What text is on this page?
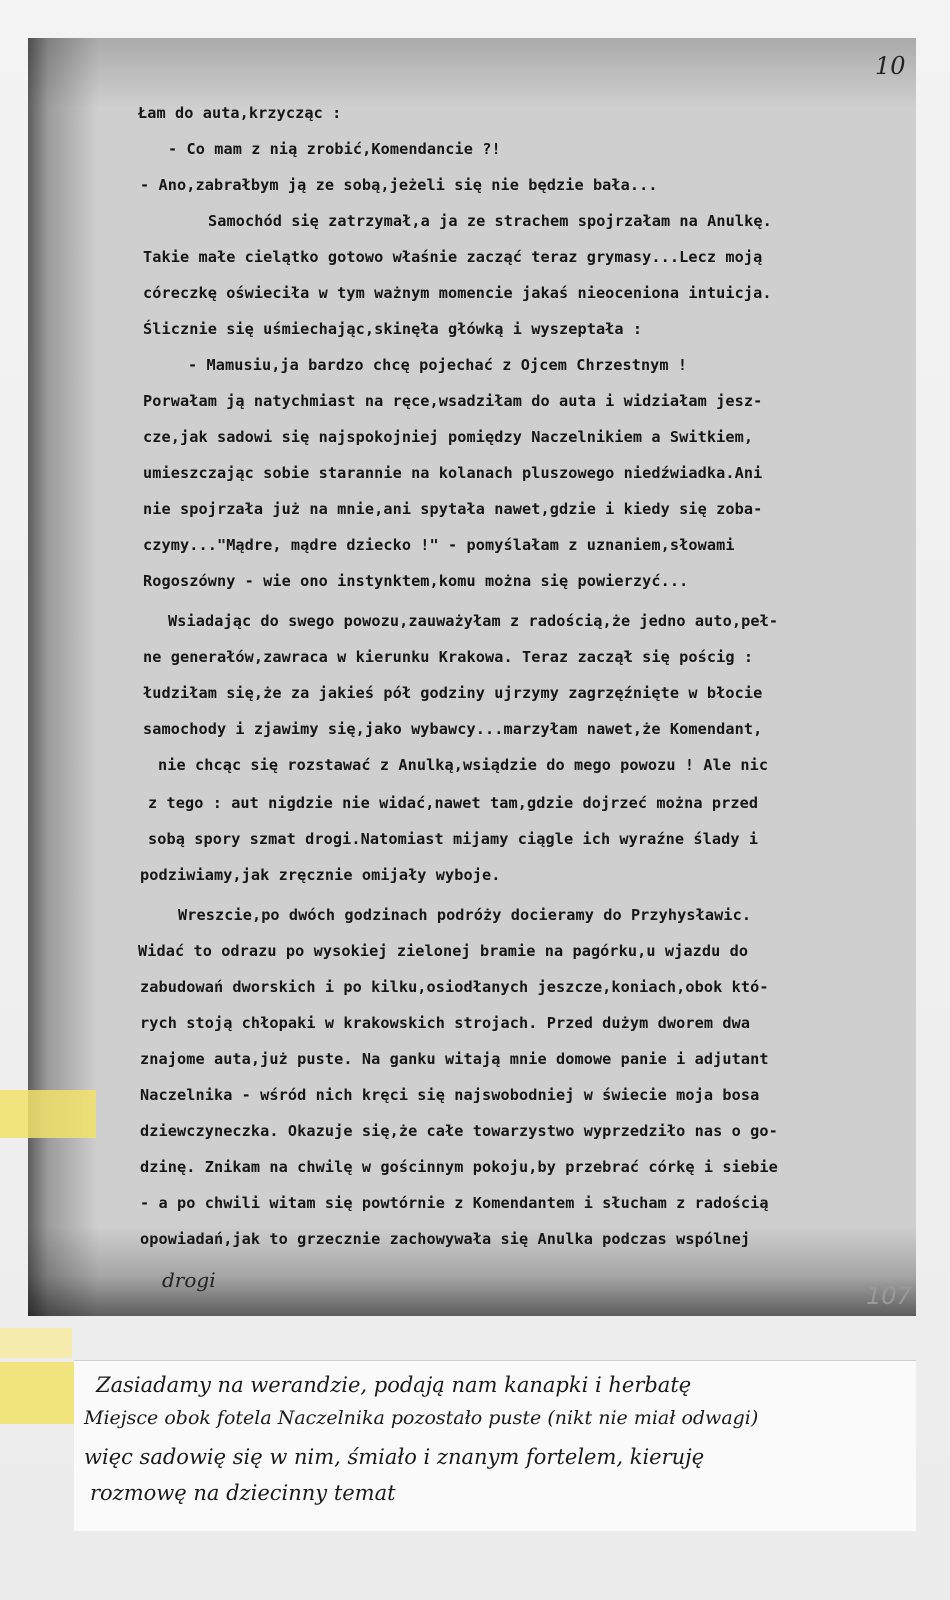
Łam do auta,krzycząc :
- Co mam z nią zrobić,Komendancie ?!
- Ano,zabrałbym ją ze sobą,jeżeli się nie będzie bała...
Samochód się zatrzymał,a ja ze strachem spojrzałam na Anulkę.
Takie małe cielątko gotowo właśnie zacząć teraz grymasy...Lecz moją
córeczkę oświeciła w tym ważnym momencie jakaś nieoceniona intuicja.
Ślicznie się uśmiechając,skinęła główką i wyszeptała :
- Mamusiu,ja bardzo chcę pojechać z Ojcem Chrzestnym !
Porwałam ją natychmiast na ręce,wsadziłam do auta i widziałam jesz-
cze,jak sadowi się najspokojniej pomiędzy Naczelnikiem a Switkiem,
umieszczając sobie starannie na kolanach pluszowego niedźwiadka.Ani
nie spojrzała już na mnie,ani spytała nawet,gdzie i kiedy się zoba-
czymy..."Mądre, mądre dziecko !" - pomyślałam z uznaniem,słowami
Rogoszówny - wie ono instynktem,komu można się powierzyć...
Wsiadając do swego powozu,zauważyłam z radością,że jedno auto,peł-
ne generałów,zawraca w kierunku Krakowa. Teraz zaczął się pościg :
łudziłam się,że za jakieś pół godziny ujrzymy zagrzęźnięte w błocie
samochody i zjawimy się,jako wybawcy...marzyłam nawet,że Komendant,
nie chcąc się rozstawać z Anulką,wsiądzie do mego powozu ! Ale nic
z tego : aut nigdzie nie widać,nawet tam,gdzie dojrzeć można przed
sobą spory szmat drogi.Natomiast mijamy ciągle ich wyraźne ślady i
podziwiamy,jak zręcznie omijały wyboje.
Wreszcie,po dwóch godzinach podróży docieramy do Przyhysławic.
Widać to odrazu po wysokiej zielonej bramie na pagórku,u wjazdu do
zabudowań dworskich i po kilku,osiodłanych jeszcze,koniach,obok któ-
rych stoją chłopaki w krakowskich strojach. Przed dużym dworem dwa
znajome auta,już puste. Na ganku witają mnie domowe panie i adjutant
Naczelnika - wśród nich kręci się najswobodniej w świecie moja bosa
dziewczyneczka. Okazuje się,że całe towarzystwo wyprzedziło nas o go-
dzinę. Znikam na chwilę w gościnnym pokoju,by przebrać córkę i siebie
- a po chwili witam się powtórnie z Komendantem i słucham z radością
opowiadań,jak to grzecznie zachowywała się Anulka podczas wspólnej
10
107
drogi
Zasiadamy na werandzie, podają nam kanapki i herbatę
Miejsce obok fotela Naczelnika pozostało puste (nikt nie miał odwagi)
więc sadowię się w nim, śmiało i znanym fortelem, kieruję
rozmowę na dziecinny temat
